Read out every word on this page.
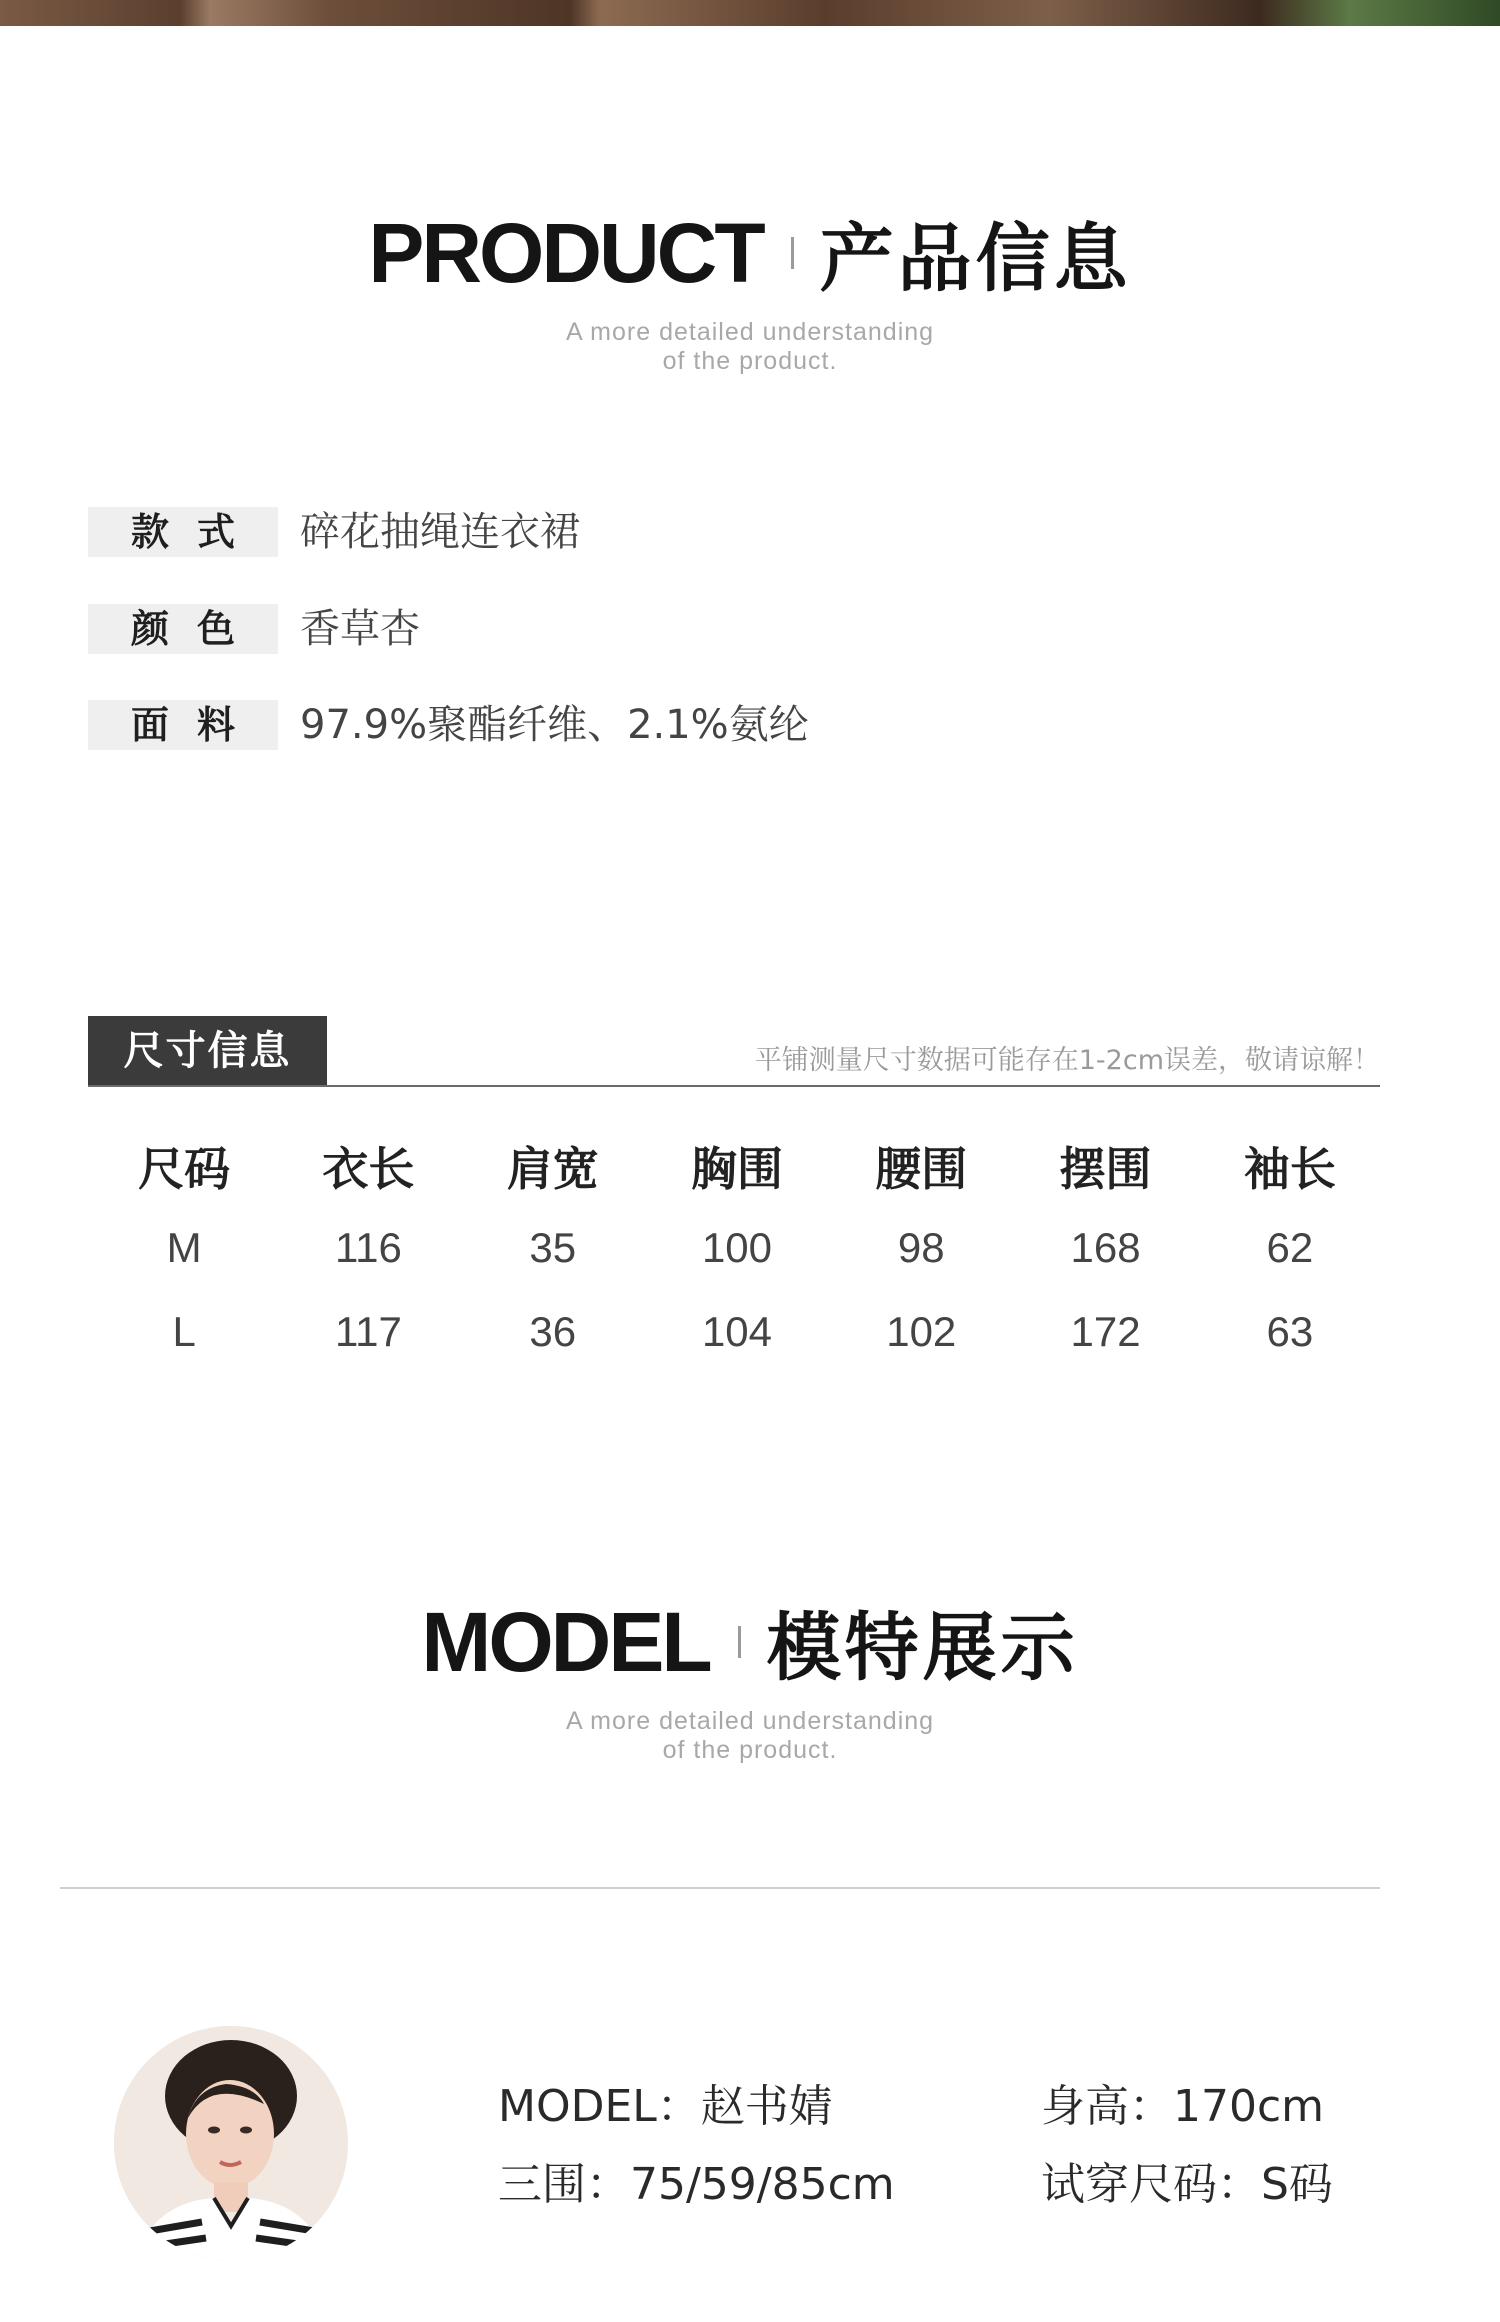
PRODUCT 产品信息
A more detailed understanding
of the product.
款式 碎花抽绳连衣裙
颜色 香草杏
面料 97.9%聚酯纤维、2.1%氨纶
尺寸信息	平铺测量尺寸数据可能存在1-2cm误差，敬请谅解！
尺码	衣长	肩宽	胸围	腰围	摆围	袖长
M	116	35	100	98	168	62
L	117	36	104	102	172	63
MODEL 模特展示
A more detailed understanding
of the product.
MODEL：赵书婧	身高：170cm
三围：75/59/85cm	试穿尺码：S码
